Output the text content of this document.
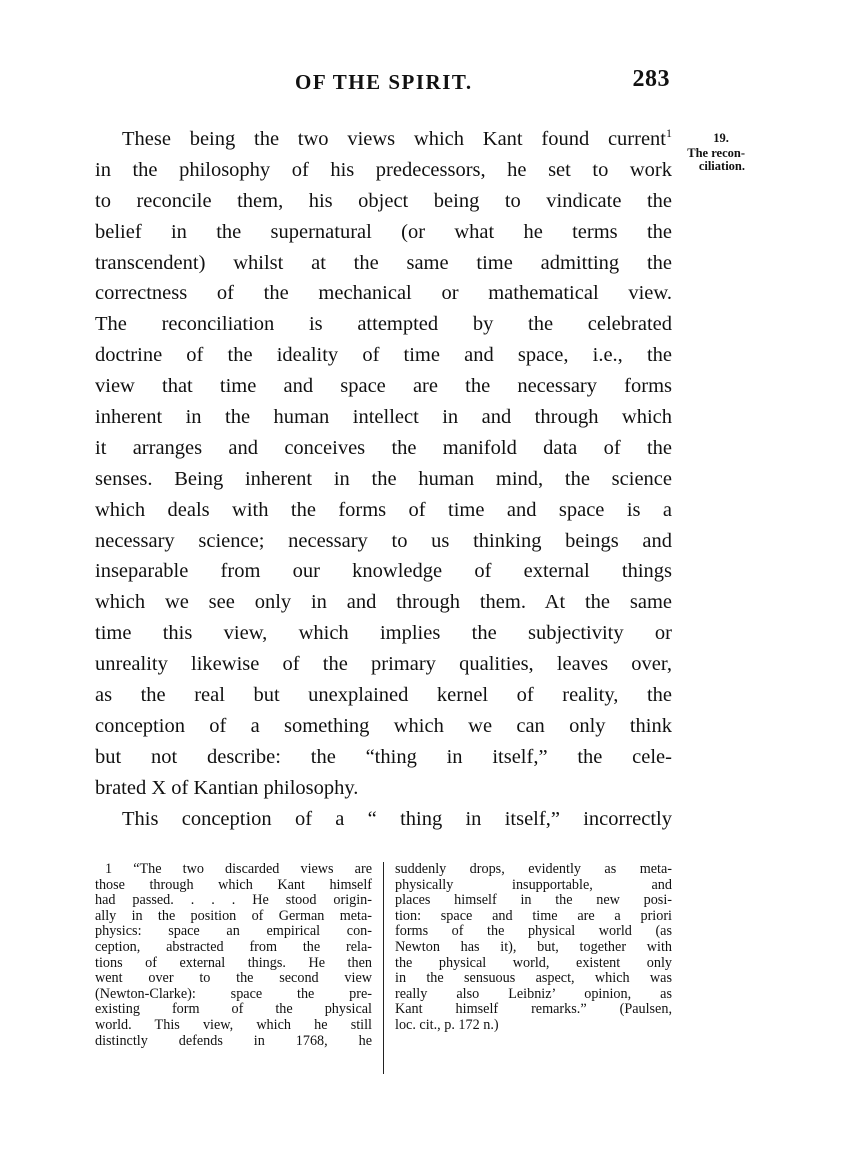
OF THE SPIRIT.	283
19.
The recon-
ciliation.
These being the two views which Kant found current$^1$
in the philosophy of his predecessors, he set to work
to reconcile them, his object being to vindicate the
belief in the supernatural (or what he terms the
transcendent) whilst at the same time admitting the
correctness of the mechanical or mathematical view.
The reconciliation is attempted by the celebrated
doctrine of the ideality of time and space, i.e., the
view that time and space are the necessary forms
inherent in the human intellect in and through which
it arranges and conceives the manifold data of the
senses. Being inherent in the human mind, the science
which deals with the forms of time and space is a
necessary science; necessary to us thinking beings and
inseparable from our knowledge of external things
which we see only in and through them. At the same
time this view, which implies the subjectivity or
unreality likewise of the primary qualities, leaves over,
as the real but unexplained kernel of reality, the
conception of a something which we can only think
but not describe: the “thing in itself,” the cele-
brated X of Kantian philosophy.
This conception of a “ thing in itself,” incorrectly
1 “The two discarded views are
those through which Kant himself
had passed. . . . He stood origin-
ally in the position of German meta-
physics: space an empirical con-
ception, abstracted from the rela-
tions of external things. He then
went over to the second view
(Newton-Clarke): space the pre-
existing form of the physical
world. This view, which he still
distinctly defends in 1768, he
suddenly drops, evidently as meta-
physically insupportable, and
places himself in the new posi-
tion: space and time are a priori
forms of the physical world (as
Newton has it), but, together with
the physical world, existent only
in the sensuous aspect, which was
really also Leibniz’ opinion, as
Kant himself remarks.” (Paulsen,
loc. cit., p. 172 n.)
